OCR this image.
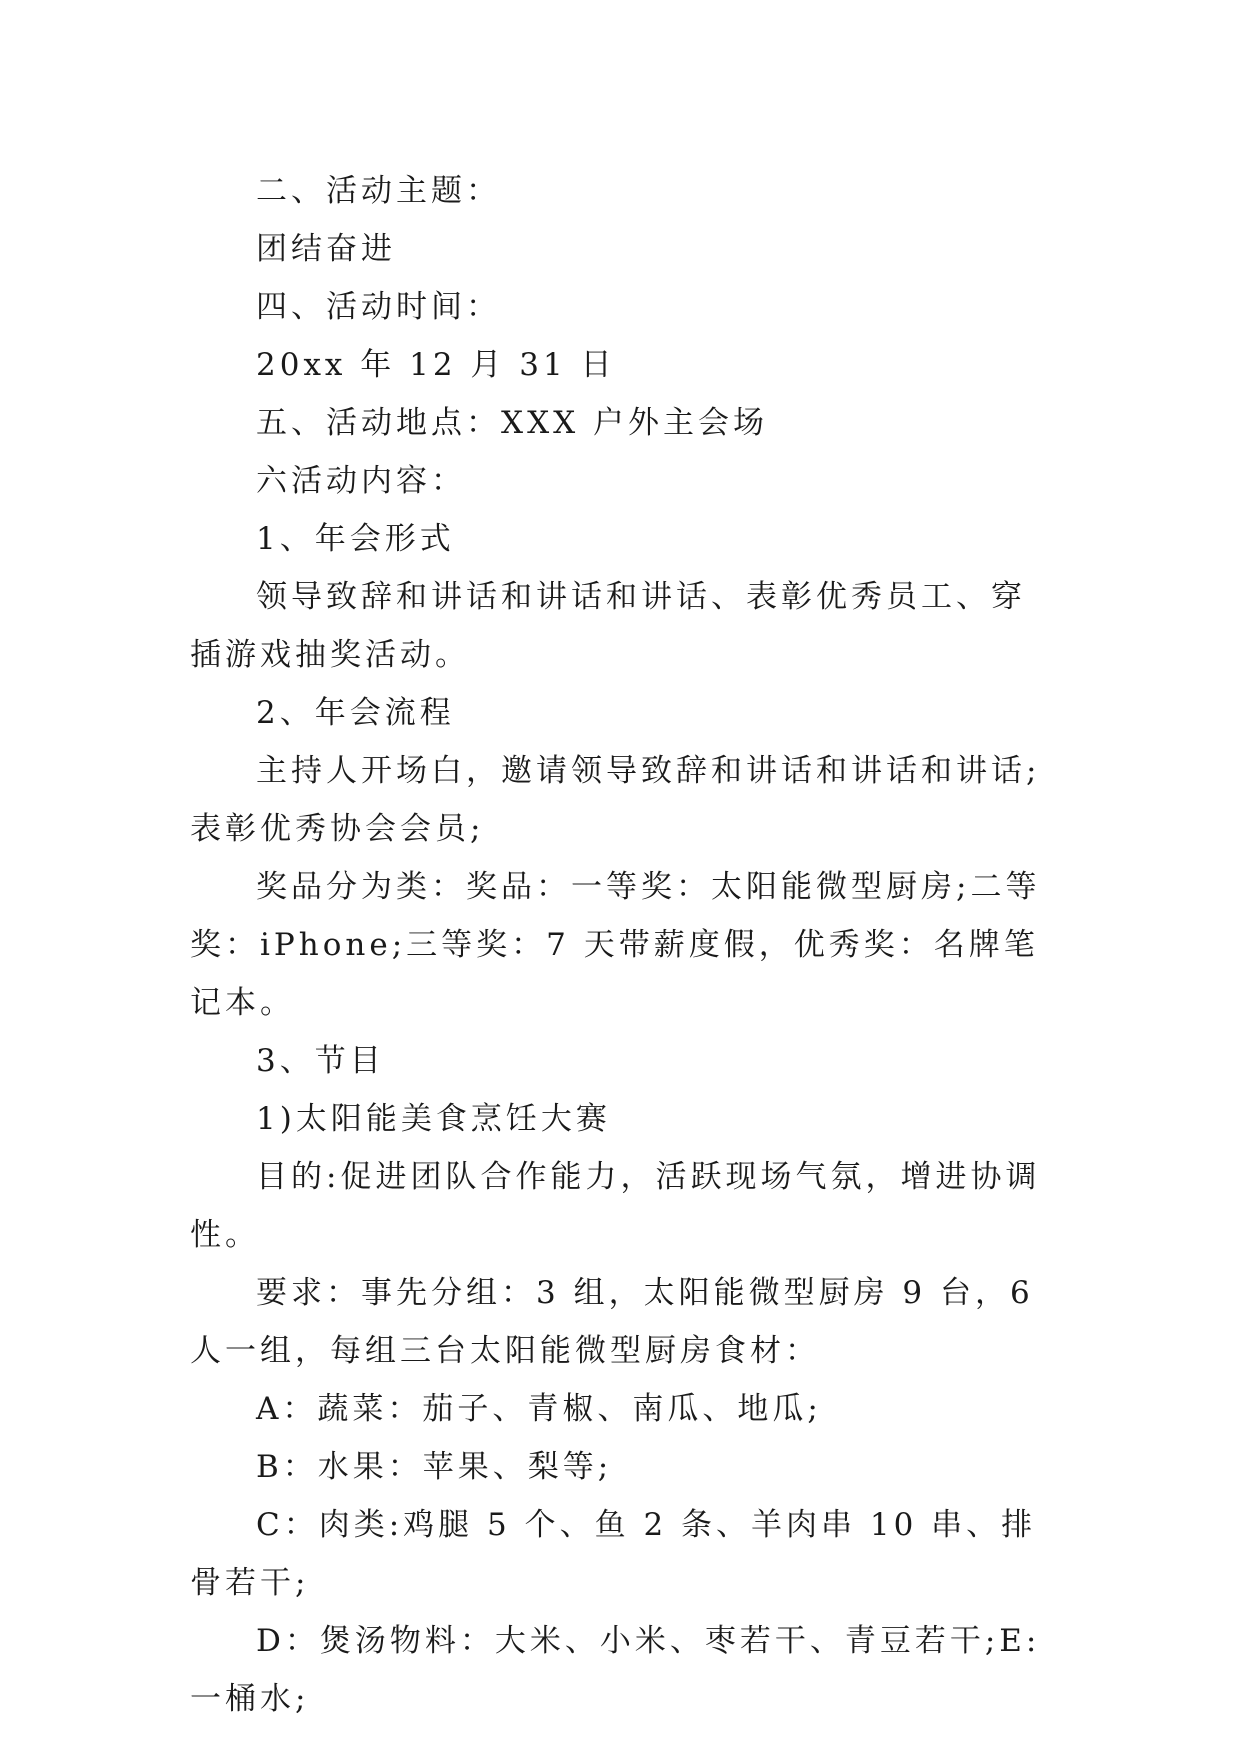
二、活动主题：

团结奋进

四、活动时间：

20xx 年 12 月 31 日

五、活动地点：XXX 户外主会场

六活动内容：

1、年会形式

领导致辞和讲话和讲话和讲话、表彰优秀员工、穿插游戏抽奖活动。

2、年会流程

主持人开场白，邀请领导致辞和讲话和讲话和讲话;表彰优秀协会会员;

奖品分为类：奖品：一等奖：太阳能微型厨房;二等奖：iPhone;三等奖：7 天带薪度假，优秀奖：名牌笔记本。

3、节目

1)太阳能美食烹饪大赛

目的:促进团队合作能力，活跃现场气氛，增进协调性。

要求：事先分组：3 组，太阳能微型厨房 9 台，6 人一组，每组三台太阳能微型厨房食材：

A：蔬菜：茄子、青椒、南瓜、地瓜;

B：水果：苹果、梨等;

C：肉类:鸡腿 5 个、鱼 2 条、羊肉串 10 串、排骨若干;

D：煲汤物料：大米、小米、枣若干、青豆若干;E:一桶水;
